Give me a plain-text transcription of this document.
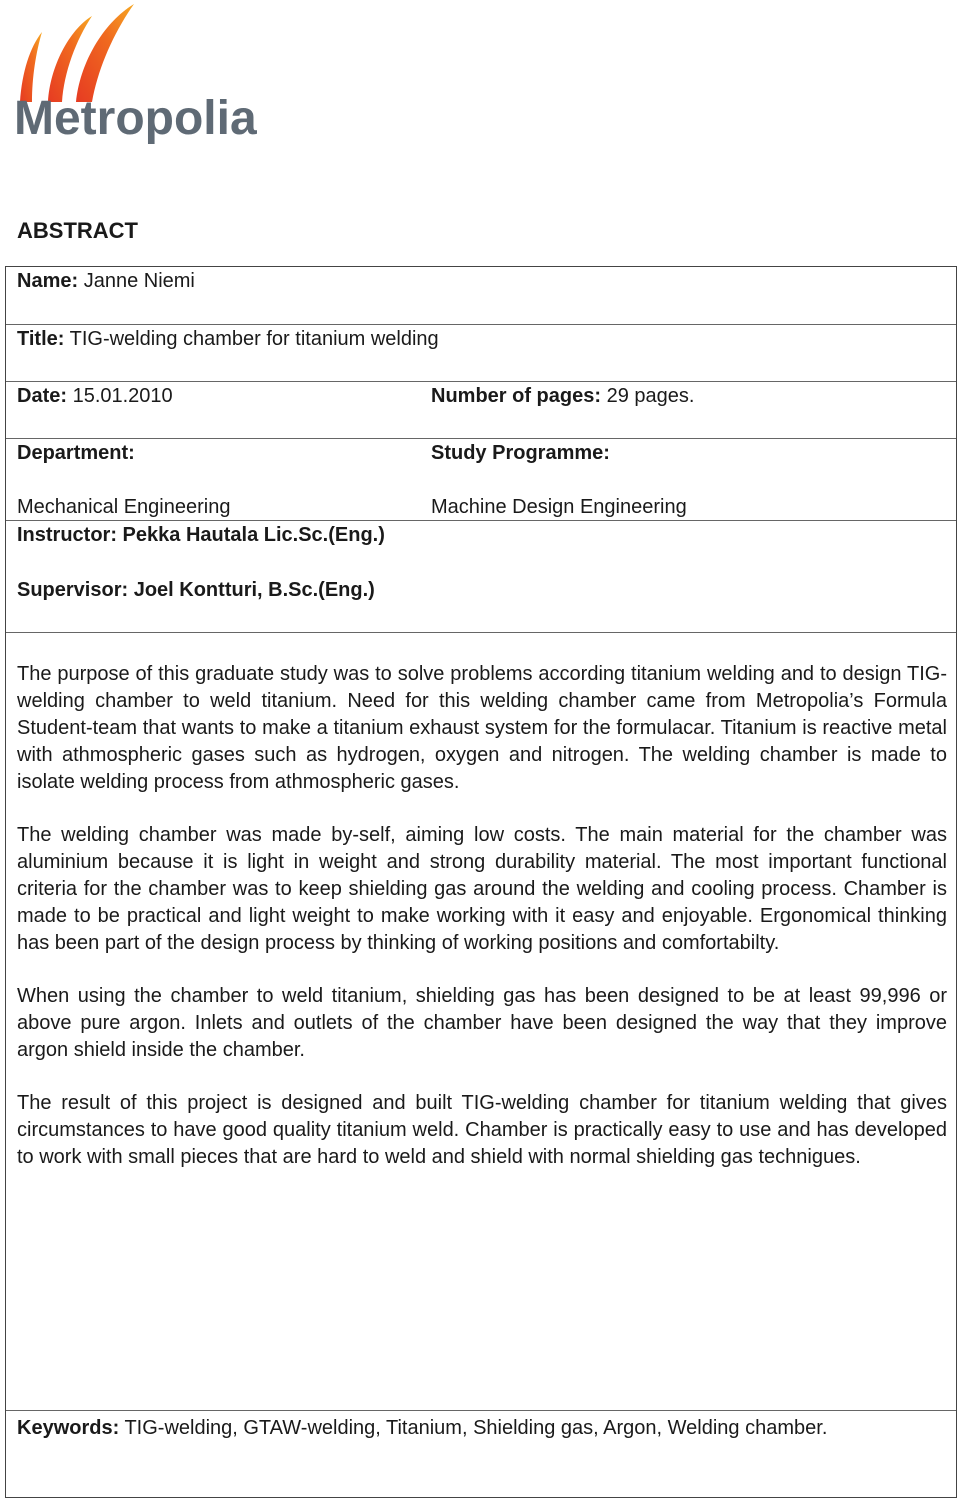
Metropolia
ABSTRACT
Name: Janne Niemi
Title: TIG-welding chamber for titanium welding
Date: 15.01.2010	Number of pages: 29 pages.
Department:	Study Programme:
Mechanical Engineering	Machine Design Engineering
Instructor: Pekka Hautala Lic.Sc.(Eng.)
Supervisor: Joel Kontturi, B.Sc.(Eng.)

The purpose of this graduate study was to solve problems according titanium welding and to design TIG-welding chamber to weld titanium. Need for this welding chamber came from Metropolia’s Formula Student-team that wants to make a titanium exhaust system for the formulacar. Titanium is reactive metal with athmospheric gases such as hydrogen, oxygen and nitrogen. The welding chamber is made to isolate welding process from athmospheric gases.

The welding chamber was made by-self, aiming low costs. The main material for the chamber was aluminium because it is light in weight and strong durability material. The most important functional criteria for the chamber was to keep shielding gas around the welding and cooling process. Chamber is made to be practical and light weight to make working with it easy and enjoyable. Ergonomical thinking has been part of the design process by thinking of working positions and comfortabilty.

When using the chamber to weld titanium, shielding gas has been designed to be at least 99,996 or above pure argon. Inlets and outlets of the chamber have been designed the way that they improve argon shield inside the chamber.

The result of this project is designed and built TIG-welding chamber for titanium welding that gives circumstances to have good quality titanium weld. Chamber is practically easy to use and has developed to work with small pieces that are hard to weld and shield with normal shielding gas technigues.

Keywords: TIG-welding, GTAW-welding, Titanium, Shielding gas, Argon, Welding chamber.
